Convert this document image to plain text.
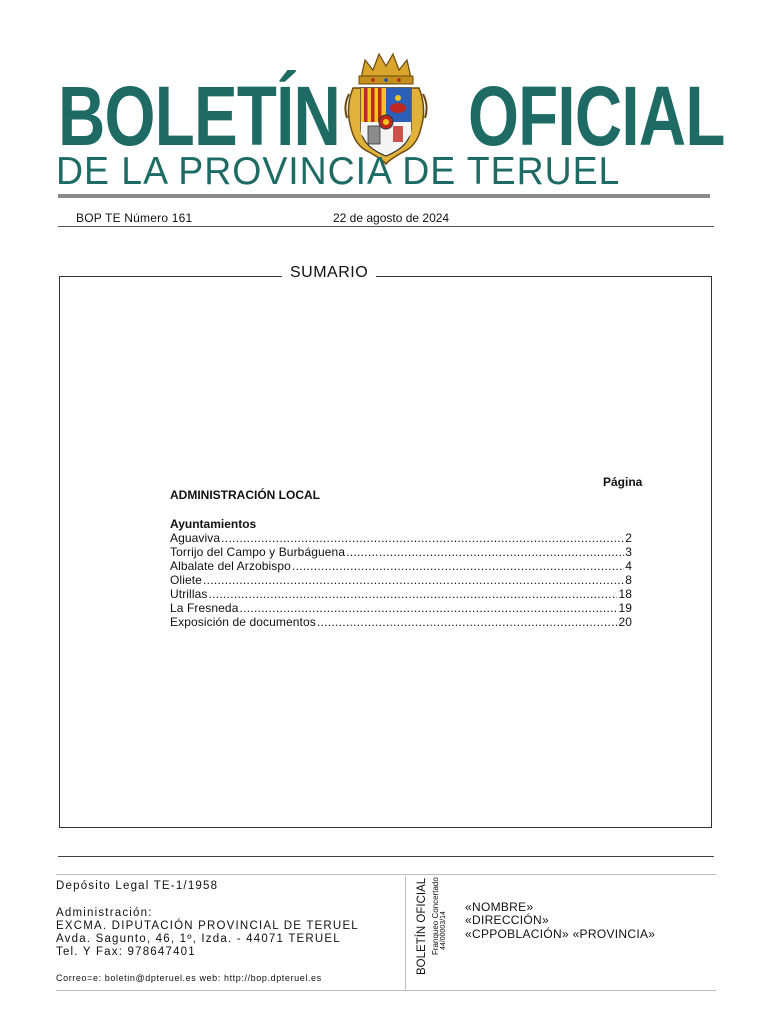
BOLETÍN OFICIAL
DE LA PROVINCIA DE TERUEL
BOP TE Número 161	22 de agosto de 2024
SUMARIO
Página
ADMINISTRACIÓN LOCAL
Ayuntamientos
Aguaviva .....	2
Torrijo del Campo y Burbáguena .....	3
Albalate del Arzobispo .....	4
Oliete .....	8
Utrillas .....	18
La Fresneda .....	19
Exposición de documentos .....	20
Depósito Legal TE-1/1958
Administración:
EXCMA. DIPUTACIÓN PROVINCIAL DE TERUEL
Avda. Sagunto, 46, 1º, Izda. - 44071 TERUEL
Tel. Y Fax: 978647401
Correo=e: boletin@dpteruel.es web: http://bop.dpteruel.es
BOLETÍN OFICIAL Franqueo Concertado 44/00003/14
«NOMBRE»
«DIRECCIÓN»
«CPPOBLACIÓN» «PROVINCIA»
